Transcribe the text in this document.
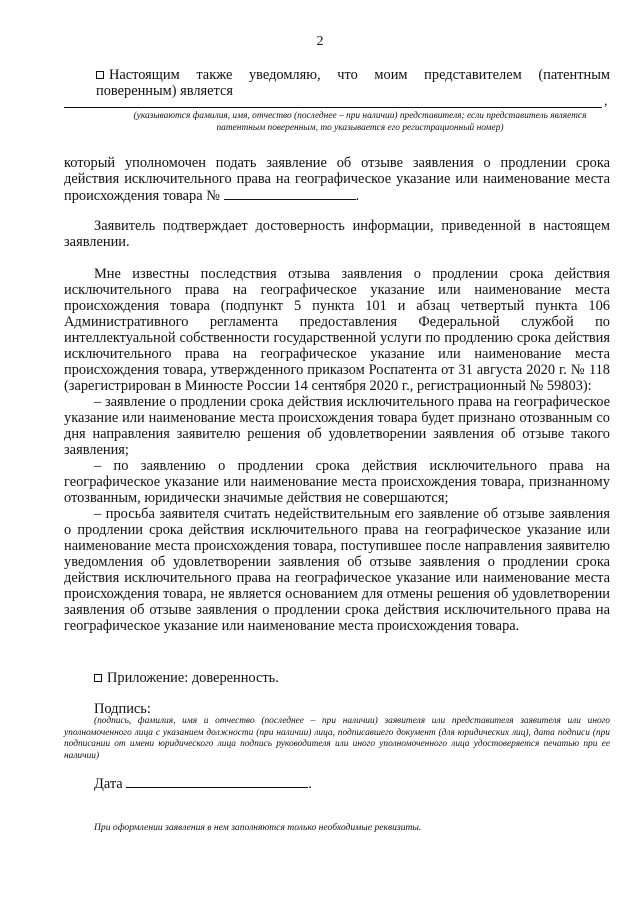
2
Настоящим также уведомляю, что моим представителем (патентным поверенным) является
,
(указываются фамилия, имя, отчество (последнее – при наличии) представителя; если представитель является патентным поверенным, то указывается его регистрационный номер)
который уполномочен подать заявление об отзыве заявления о продлении срока действия исключительного права на географическое указание или наименование места происхождения товара №	.
Заявитель подтверждает достоверность информации, приведенной в настоящем заявлении.
Мне известны последствия отзыва заявления о продлении срока действия исключительного права на географическое указание или наименование места происхождения товара (подпункт 5 пункта 101 и абзац четвертый пункта 106 Административного регламента предоставления Федеральной службой по интеллектуальной собственности государственной услуги по продлению срока действия исключительного права на географическое указание или наименование места происхождения товара, утвержденного приказом Роспатента от 31 августа 2020 г. № 118 (зарегистрирован в Минюсте России 14 сентября 2020 г., регистрационный № 59803):
– заявление о продлении срока действия исключительного права на географическое указание или наименование места происхождения товара будет признано отозванным со дня направления заявителю решения об удовлетворении заявления об отзыве такого заявления;
– по заявлению о продлении срока действия исключительного права на географическое указание или наименование места происхождения товара, признанному отозванным, юридически значимые действия не совершаются;
– просьба заявителя считать недействительным его заявление об отзыве заявления о продлении срока действия исключительного права на географическое указание или наименование места происхождения товара, поступившее после направления заявителю уведомления об удовлетворении заявления об отзыве заявления о продлении срока действия исключительного права на географическое указание или наименование места происхождения товара, не является основанием для отмены решения об удовлетворении заявления об отзыве заявления о продлении срока действия исключительного права на географическое указание или наименование места происхождения товара.
Приложение: доверенность.
Подпись:
(подпись, фамилия, имя и отчество (последнее – при наличии) заявителя или представителя заявителя или иного уполномоченного лица с указанием должности (при наличии) лица, подписавшего документ (для юридических лиц), дата подписи (при подписании от имени юридического лица подпись руководителя или иного уполномоченного лица удостоверяется печатью при ее наличии)
Дата	.
При оформлении заявления в нем заполняются только необходимые реквизиты.
